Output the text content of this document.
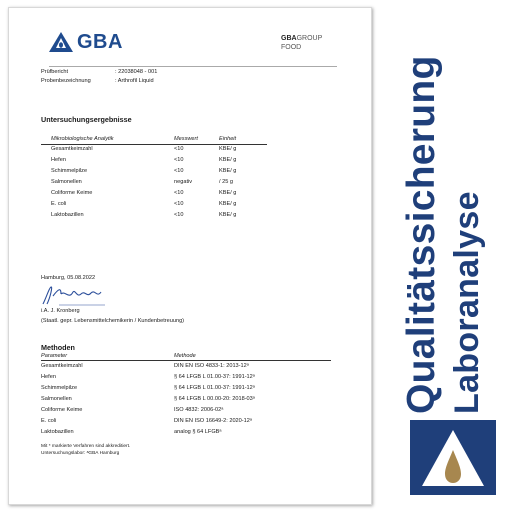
GBA	GBAGROUP
FOOD
Prüfbericht	: 22038048 - 001
Probenbezeichnung	: Arthrofil Liquid
Untersuchungsergebnisse
Mikrobiologische Analytik	Messwert	Einheit
Gesamtkeimzahl	<10	KBE/ g
Hefen	<10	KBE/ g
Schimmelpilze	<10	KBE/ g
Salmonellen	negativ	/ 25 g
Coliforme Keime	<10	KBE/ g
E. coli	<10	KBE/ g
Laktobazillen	<10	KBE/ g
Hamburg, 05.08.2022
i.A. J. Kronberg
(Staatl. gepr. Lebensmittelchemikerin / Kundenbetreuung)
Methoden
Parameter	Methode
Gesamtkeimzahl	DIN EN ISO 4833-1: 2013-12ᵃ
Hefen	§ 64 LFGB L 01.00-37: 1991-12ᵃ
Schimmelpilze	§ 64 LFGB L 01.00-37: 1991-12ᵃ
Salmonellen	§ 64 LFGB L 00.00-20: 2018-03ᵃ
Coliforme Keime	ISO 4832: 2006-02ᵃ
E. coli	DIN EN ISO 16649-2: 2020-12ᵃ
Laktobazillen	analog § 64 LFGBᵃ
Mit * markierte Verfahren sind akkreditiert.
Untersuchungslabor: ᵃGBA Hamburg
Qualitätssicherung Laboranalyse
